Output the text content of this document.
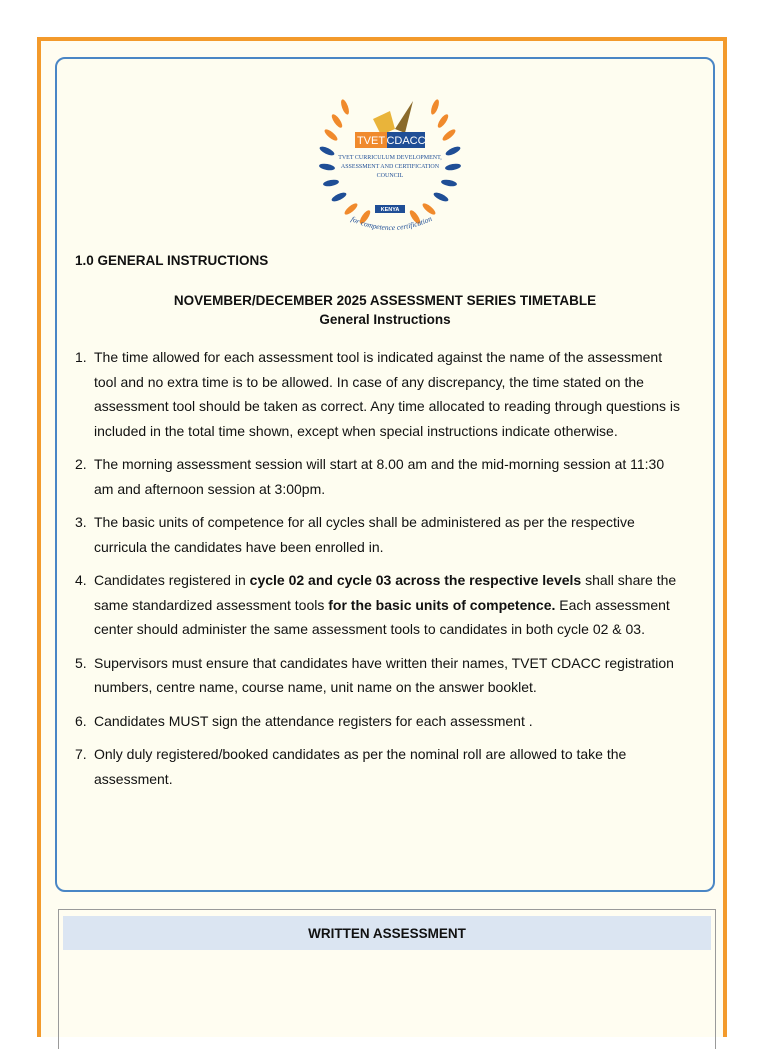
TVET CDACC
TVET CURRICULUM DEVELOPMENT,
ASSESSMENT AND CERTIFICATION
COUNCIL
KENYA
for competence certification
1.0 GENERAL INSTRUCTIONS
NOVEMBER/DECEMBER 2025 ASSESSMENT SERIES TIMETABLE
General Instructions
1. The time allowed for each assessment tool is indicated against the name of the assessment tool and no extra time is to be allowed. In case of any discrepancy, the time stated on the assessment tool should be taken as correct. Any time allocated to reading through questions is included in the total time shown, except when special instructions indicate otherwise.
2. The morning assessment session will start at 8.00 am and the mid-morning session at 11:30 am and afternoon session at 3:00pm.
3. The basic units of competence for all cycles shall be administered as per the respective curricula the candidates have been enrolled in.
4. Candidates registered in cycle 02 and cycle 03 across the respective levels shall share the same standardized assessment tools for the basic units of competence. Each assessment center should administer the same assessment tools to candidates in both cycle 02 & 03.
5. Supervisors must ensure that candidates have written their names, TVET CDACC registration numbers, centre name, course name, unit name on the answer booklet.
6. Candidates MUST sign the attendance registers for each assessment .
7. Only duly registered/booked candidates as per the nominal roll are allowed to take the assessment.
WRITTEN ASSESSMENT
